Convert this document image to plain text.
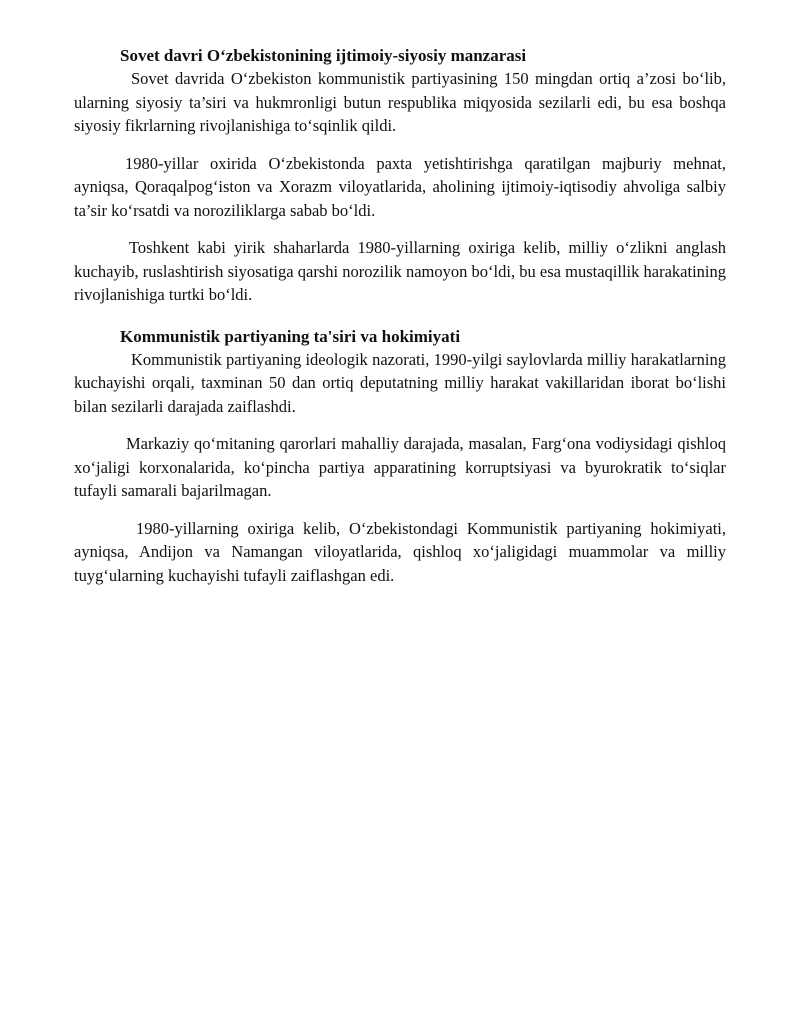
Sovet davri O‘zbekistonining ijtimoiy-siyosiy manzarasi

Sovet davrida O‘zbekiston kommunistik partiyasining 150 mingdan ortiq a’zosi bo‘lib, ularning siyosiy ta’siri va hukmronligi butun respublika miqyosida sezilarli edi, bu esa boshqa siyosiy fikrlarning rivojlanishiga to‘sqinlik qildi.

1980-yillar oxirida O‘zbekistonda paxta yetishtirishga qaratilgan majburiy mehnat, ayniqsa, Qoraqalpog‘iston va Xorazm viloyatlarida, aholining ijtimoiy-iqtisodiy ahvoliga salbiy ta’sir ko‘rsatdi va noroziliklarga sabab bo‘ldi.

Toshkent kabi yirik shaharlarda 1980-yillarning oxiriga kelib, milliy o‘zlikni anglash kuchayib, ruslashtirish siyosatiga qarshi norozilik namoyon bo‘ldi, bu esa mustaqillik harakatining rivojlanishiga turtki bo‘ldi.

Kommunistik partiyaning ta'siri va hokimiyati

Kommunistik partiyaning ideologik nazorati, 1990-yilgi saylovlarda milliy harakatlarning kuchayishi orqali, taxminan 50 dan ortiq deputatning milliy harakat vakillaridan iborat bo‘lishi bilan sezilarli darajada zaiflashdi.

Markaziy qo‘mitaning qarorlari mahalliy darajada, masalan, Farg‘ona vodiysidagi qishloq xo‘jaligi korxonalarida, ko‘pincha partiya apparatining korruptsiyasi va byurokratik to‘siqlar tufayli samarali bajarilmagan.

1980-yillarning oxiriga kelib, O‘zbekistondagi Kommunistik partiyaning hokimiyati, ayniqsa, Andijon va Namangan viloyatlarida, qishloq xo‘jaligidagi muammolar va milliy tuyg‘ularning kuchayishi tufayli zaiflashgan edi.
